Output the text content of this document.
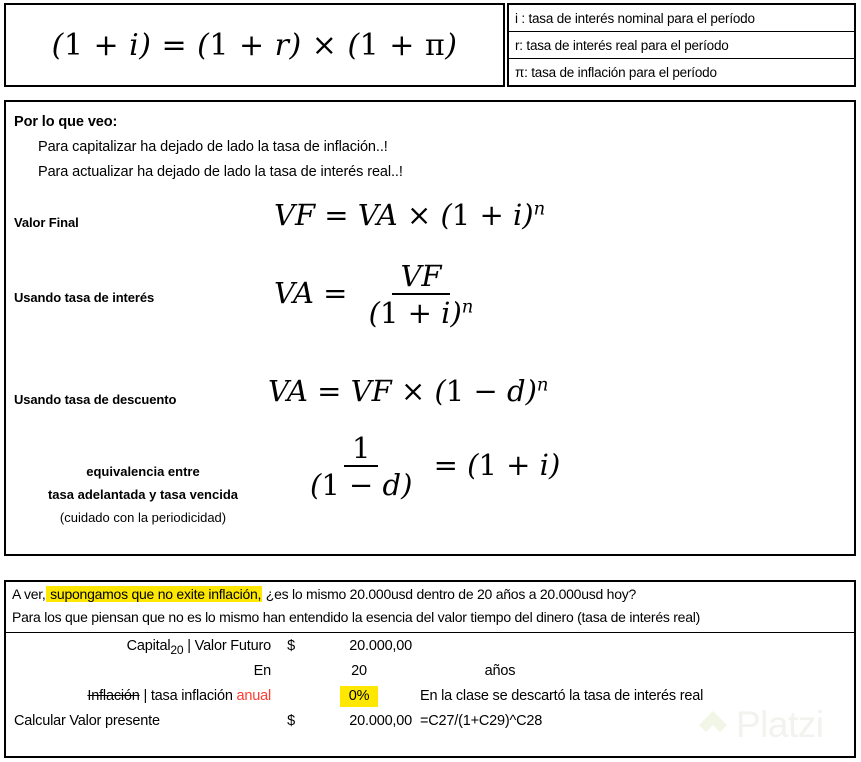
(1 + i) = (1 + r) × (1 + π)
i : tasa de interés nominal para el período
r: tasa de interés real para el período
π: tasa de inflación para el período
Por lo que veo:
Para capitalizar ha dejado de lado la tasa de inflación..!
Para actualizar ha dejado de lado la tasa de interés real..!
Valor Final
Usando tasa de interés
Usando tasa de descuento
equivalencia entre
tasa adelantada y tasa vencida
(cuidado con la periodicidad)
VF = VA × $(1 + i)^n$
VA = $\frac{VF}{(1 + i)^n}$
VA = VF × $(1 - d)^n$
$\frac{1}{(1 - d)} = (1 + i)$
A ver, supongamos que no exite inflación, ¿es lo mismo 20.000usd dentro de 20 años a 20.000usd hoy?
Para los que piensan que no es lo mismo han entendido la esencia del valor tiempo del dinero (tasa de interés real)
Capital$_{20}$ | Valor Futuro $	20.000,00
En	20	años
Inflación | tasa inflación anual	0%	En la clase se descartó la tasa de interés real
Calcular Valor presente	$	20.000,00 =C27/(1+C29)^C28	Platzi
